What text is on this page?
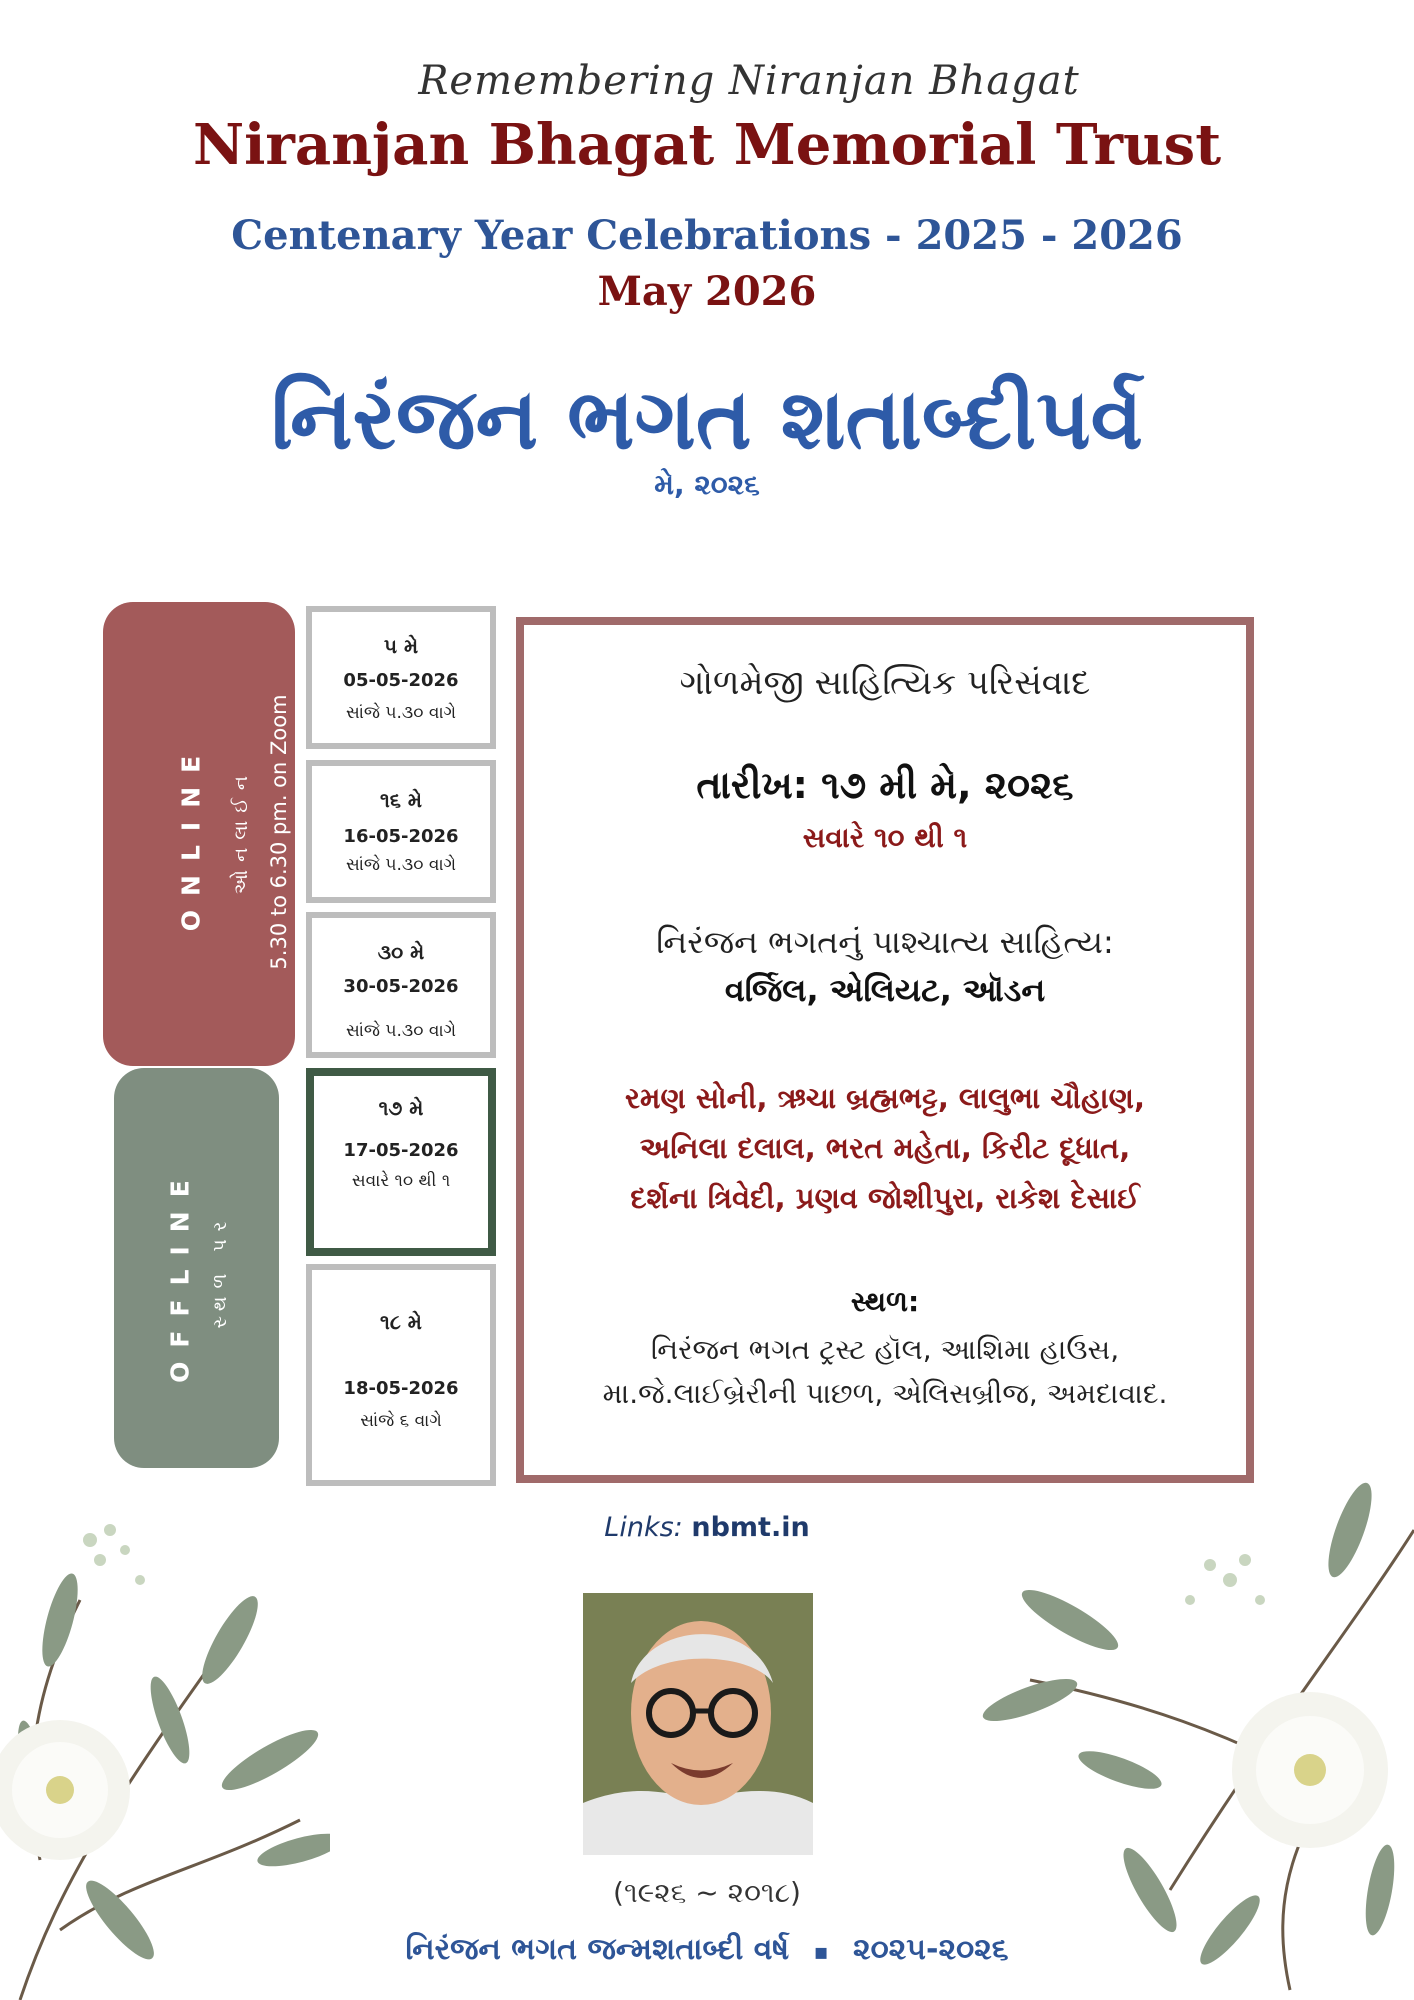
Remembering Niranjan Bhagat
Niranjan Bhagat Memorial Trust
Centenary Year Celebrations - 2025 - 2026
May 2026
નિરંજન ભગત શતાબ્દીપર્વ
મે, ૨૦૨૬
ONLINE ઓનલાઈન 5.30 to 6.30 pm. on Zoom
OFFLINE સ્થળ પર
૫ મે
05-05-2026
સાંજે ૫.૩૦ વાગે
૧૬ મે
16-05-2026
સાંજે ૫.૩૦ વાગે
૩૦ મે
30-05-2026
સાંજે ૫.૩૦ વાગે
૧૭ મે
17-05-2026
સવારે ૧૦ થી ૧
૧૮ મે
18-05-2026
સાંજે ૬ વાગે
ગોળમેજી સાહિત્યિક પરિસંવાદ
તારીખ: ૧૭ મી મે, ૨૦૨૬
સવારે ૧૦ થી ૧
નિરંજન ભગતનું પાશ્ચાત્ય સાહિત્ય:
વર્જિલ, એલિયટ, ઑડન
રમણ સોની, ઋચા બ્રહ્મભટ્ટ, લાલુભા ચૌહાણ,
અનિલા દલાલ, ભરત મહેતા, કિરીટ દૂધાત,
દર્શના ત્રિવેદી, પ્રણવ જોશીપુરા, રાકેશ દેસાઈ
સ્થળ:
નિરંજન ભગત ટ્રસ્ટ હૉલ, આશિમા હાઉસ,
મા.જે.લાઈબ્રેરીની પાછળ, એલિસબ્રીજ, અમદાવાદ.
Links: nbmt.in
(૧૯૨૬ ~ ૨૦૧૮)
નિરંજન ભગત જન્મશતાબ્દી વર્ષ ▪ ૨૦૨૫-૨૦૨૬
